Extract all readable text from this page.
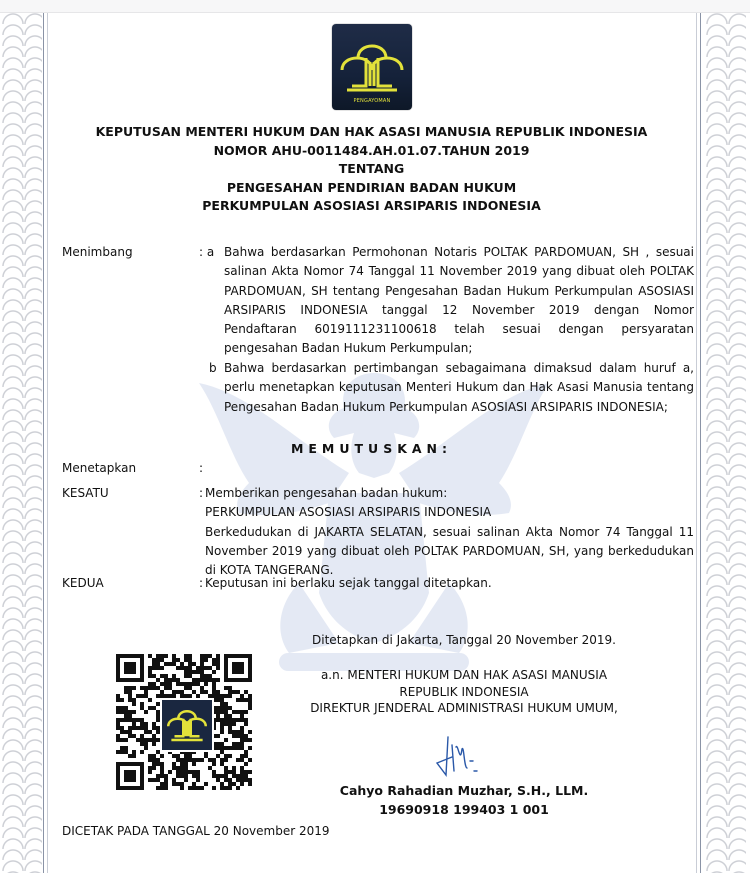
PENGAYOMAN
KEPUTUSAN MENTERI HUKUM DAN HAK ASASI MANUSIA REPUBLIK INDONESIA
NOMOR AHU-0011484.AH.01.07.TAHUN 2019
TENTANG
PENGESAHAN PENDIRIAN BADAN HUKUM
PERKUMPULAN ASOSIASI ARSIPARIS INDONESIA
Menimbang	: a Bahwa berdasarkan Permohonan Notaris POLTAK PARDOMUAN, SH , sesuai salinan Akta Nomor 74 Tanggal 11 November 2019 yang dibuat oleh POLTAK PARDOMUAN, SH tentang Pengesahan Badan Hukum Perkumpulan ASOSIASI ARSIPARIS INDONESIA tanggal 12 November 2019 dengan Nomor Pendaftaran 6019111231100618 telah sesuai dengan persyaratan pengesahan Badan Hukum Perkumpulan;
b Bahwa berdasarkan pertimbangan sebagaimana dimaksud dalam huruf a, perlu menetapkan keputusan Menteri Hukum dan Hak Asasi Manusia tentang Pengesahan Badan Hukum Perkumpulan ASOSIASI ARSIPARIS INDONESIA;
MEMUTUSKAN:
Menetapkan	:
KESATU	: Memberikan pengesahan badan hukum:
PERKUMPULAN ASOSIASI ARSIPARIS INDONESIA
Berkedudukan di JAKARTA SELATAN, sesuai salinan Akta Nomor 74 Tanggal 11 November 2019 yang dibuat oleh POLTAK PARDOMUAN, SH, yang berkedudukan di KOTA TANGERANG.
KEDUA	: Keputusan ini berlaku sejak tanggal ditetapkan.
Ditetapkan di Jakarta, Tanggal 20 November 2019.
a.n. MENTERI HUKUM DAN HAK ASASI MANUSIA
REPUBLIK INDONESIA
DIREKTUR JENDERAL ADMINISTRASI HUKUM UMUM,
Cahyo Rahadian Muzhar, S.H., LLM.
19690918 199403 1 001
DICETAK PADA TANGGAL 20 November 2019
